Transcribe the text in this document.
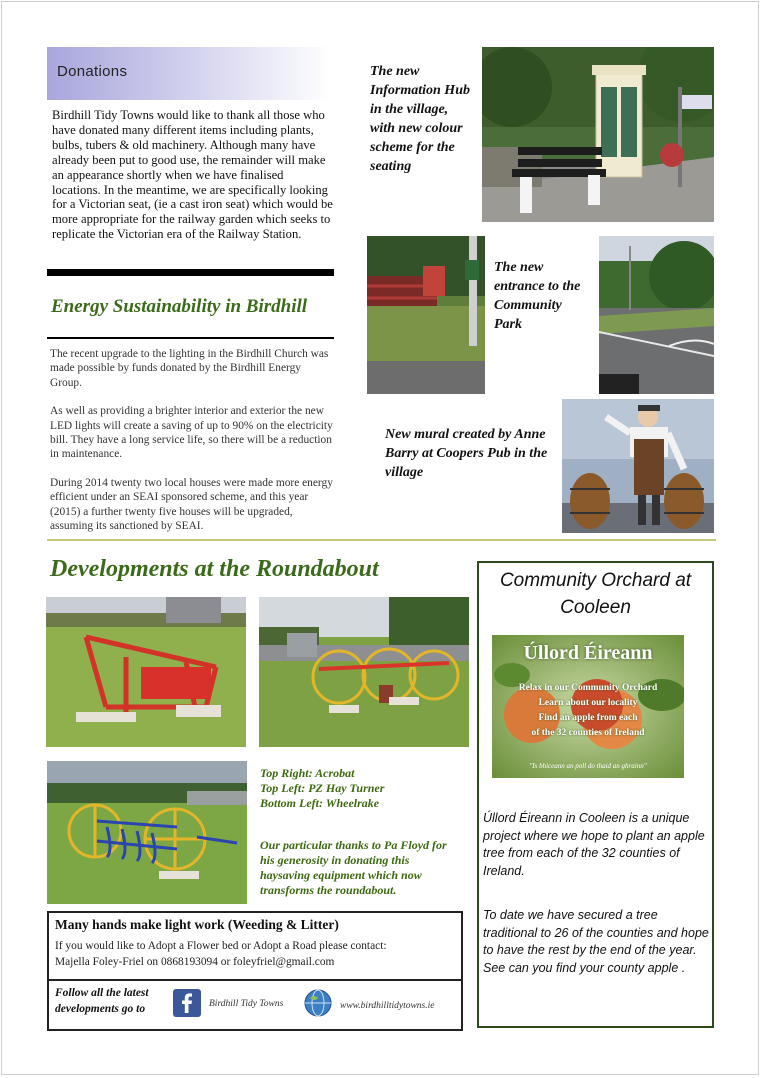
Donations
Birdhill Tidy Towns would like to thank all those who have donated many different items including plants, bulbs, tubers & old machinery. Although many have already been put to good use, the remainder will make an appearance shortly when we have finalised locations. In the meantime, we are specifically looking for a Victorian seat, (ie a cast iron seat) which would be more appropriate for the railway garden which seeks to replicate the Victorian era of the Railway Station.
Energy Sustainability in Birdhill

The recent upgrade to the lighting in the Birdhill Church was made possible by funds donated by the Birdhill Energy Group.

As well as providing a brighter interior and exterior the new LED lights will create a saving of up to 90% on the electricity bill. They have a long service life, so there will be a reduction in maintenance.

During 2014 twenty two local houses were made more energy efficient under an SEAI sponsored scheme, and this year (2015) a further twenty five houses will be upgraded, assuming its sanctioned by SEAI.

The new Information Hub in the village, with new colour scheme for the seating
The new entrance to the Community Park
New mural created by Anne Barry at Coopers Pub in the village
Developments at the Roundabout
Top Right: Acrobat
Top Left: PZ Hay Turner
Bottom Left: Wheelrake
Our particular thanks to Pa Floyd for his generosity in donating this haysaving equipment which now transforms the roundabout.
Community Orchard at Cooleen
Úllord Éireann
Relax in our Community Orchard
Learn about our locality
Find an apple from each
of the 32 counties of Ireland
"Is bhiceann an poll do thaid an ghrainn"
Úllord Éireann in Cooleen is a unique project where we hope to plant an apple tree from each of the 32 counties of Ireland.
To date we have secured a tree traditional to 26 of the counties and hope to have the rest by the end of the year. See can you find your county apple .
Many hands make light work (Weeding & Litter)
If you would like to Adopt a Flower bed or Adopt a Road please contact:
Majella Foley-Friel on 0868193094 or foleyfriel@gmail.com
Follow all the latest developments go to	Birdhill Tidy Towns	www.birdhilltidytowns.ie
